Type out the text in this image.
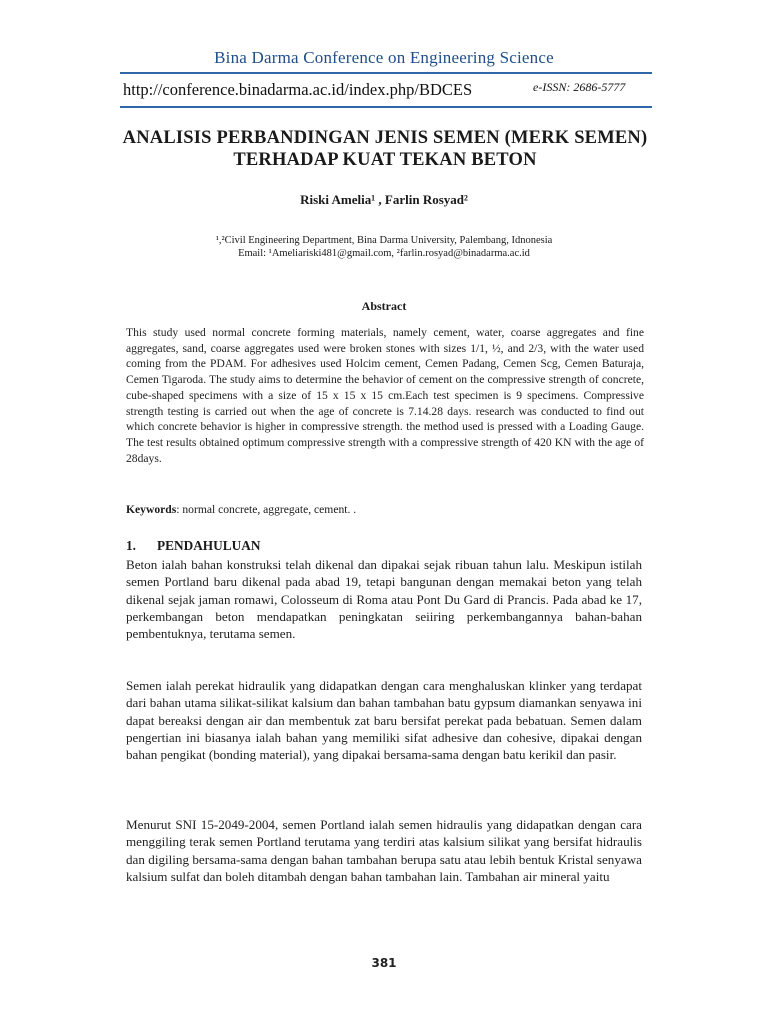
Bina Darma Conference on Engineering Science
http://conference.binadarma.ac.id/index.php/BDCES	e-ISSN: 2686-5777
ANALISIS PERBANDINGAN JENIS SEMEN (MERK SEMEN) TERHADAP KUAT TEKAN BETON
Riski Amelia¹ , Farlin Rosyad²
¹,²Civil Engineering Department, Bina Darma University, Palembang, Idnonesia
Email: ¹Ameliariski481@gmail.com, ²farlin.rosyad@binadarma.ac.id
Abstract
This study used normal concrete forming materials, namely cement, water, coarse aggregates and fine aggregates, sand, coarse aggregates used were broken stones with sizes 1/1, ½, and 2/3, with the water used coming from the PDAM. For adhesives used Holcim cement, Cemen Padang, Cemen Scg, Cemen Baturaja, Cemen Tigaroda. The study aims to determine the behavior of cement on the compressive strength of concrete, cube-shaped specimens with a size of 15 x 15 x 15 cm.Each test specimen is 9 specimens. Compressive strength testing is carried out when the age of concrete is 7.14.28 days. research was conducted to find out which concrete behavior is higher in compressive strength. the method used is pressed with a Loading Gauge. The test results obtained optimum compressive strength with a compressive strength of 420 KN with the age of 28days.
Keywords: normal concrete, aggregate, cement. .
1. PENDAHULUAN

Beton ialah bahan konstruksi telah dikenal dan dipakai sejak ribuan tahun lalu. Meskipun istilah semen Portland baru dikenal pada abad 19, tetapi bangunan dengan memakai beton yang telah dikenal sejak jaman romawi, Colosseum di Roma atau Pont Du Gard di Prancis. Pada abad ke 17, perkembangan beton mendapatkan peningkatan seiiring perkembangannya bahan-bahan pembentuknya, terutama semen.

Semen ialah perekat hidraulik yang didapatkan dengan cara menghaluskan klinker yang terdapat dari bahan utama silikat-silikat kalsium dan bahan tambahan batu gypsum diamankan senyawa ini dapat bereaksi dengan air dan membentuk zat baru bersifat perekat pada bebatuan. Semen dalam pengertian ini biasanya ialah bahan yang memiliki sifat adhesive dan cohesive, dipakai dengan bahan pengikat (bonding material), yang dipakai bersama-sama dengan batu kerikil dan pasir.

Menurut SNI 15-2049-2004, semen Portland ialah semen hidraulis yang didapatkan dengan cara menggiling terak semen Portland terutama yang terdiri atas kalsium silikat yang bersifat hidraulis dan digiling bersama-sama dengan bahan tambahan berupa satu atau lebih bentuk Kristal senyawa kalsium sulfat dan boleh ditambah dengan bahan tambahan lain. Tambahan air mineral yaitu

381
